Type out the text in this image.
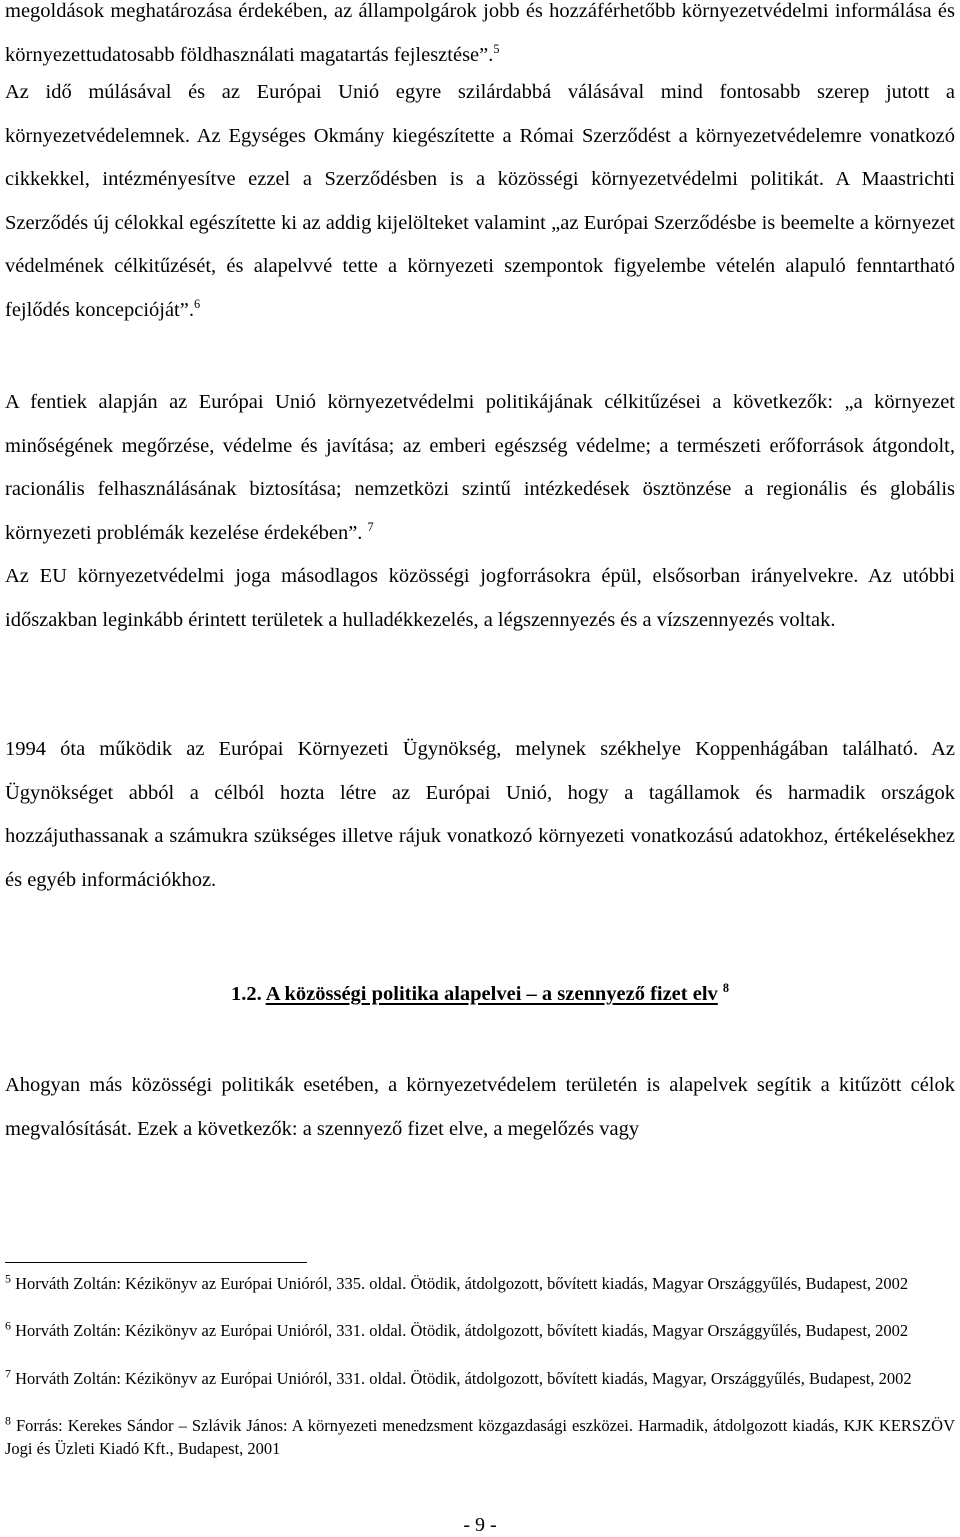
megoldások meghatározása érdekében, az állampolgárok jobb és hozzáférhetőbb környezetvédelmi informálása és környezettudatosabb földhasználati magatartás fejlesztése”.$^5$

Az idő múlásával és az Európai Unió egyre szilárdabbá válásával mind fontosabb szerep jutott a környezetvédelemnek. Az Egységes Okmány kiegészítette a Római Szerződést a környezetvédelemre vonatkozó cikkekkel, intézményesítve ezzel a Szerződésben is a közösségi környezetvédelmi politikát. A Maastrichti Szerződés új célokkal egészítette ki az addig kijelölteket valamint „az Európai Szerződésbe is beemelte a környezet védelmének célkitűzését, és alapelvvé tette a környezeti szempontok figyelembe vételén alapuló fenntartható fejlődés koncepcióját”.$^6$

A fentiek alapján az Európai Unió környezetvédelmi politikájának célkitűzései a következők: „a környezet minőségének megőrzése, védelme és javítása; az emberi egészség védelme; a természeti erőforrások átgondolt, racionális felhasználásának biztosítása; nemzetközi szintű intézkedések ösztönzése a regionális és globális környezeti problémák kezelése érdekében”. $^7$

Az EU környezetvédelmi joga másodlagos közösségi jogforrásokra épül, elsősorban irányelvekre. Az utóbbi időszakban leginkább érintett területek a hulladékkezelés, a légszennyezés és a vízszennyezés voltak.

1994 óta működik az Európai Környezeti Ügynökség, melynek székhelye Koppenhágában található. Az Ügynökséget abból a célból hozta létre az Európai Unió, hogy a tagállamok és harmadik országok hozzájuthassanak a számukra szükséges illetve rájuk vonatkozó környezeti vonatkozású adatokhoz, értékelésekhez és egyéb információkhoz.

1.2. A közösségi politika alapelvei – a szennyező fizet elv $^8$

Ahogyan más közösségi politikák esetében, a környezetvédelem területén is alapelvek segítik a kitűzött célok megvalósítását. Ezek a következők: a szennyező fizet elve, a megelőzés vagy

$^5$ Horváth Zoltán: Kézikönyv az Európai Unióról, 335. oldal. Ötödik, átdolgozott, bővített kiadás, Magyar Országgyűlés, Budapest, 2002

$^6$ Horváth Zoltán: Kézikönyv az Európai Unióról, 331. oldal. Ötödik, átdolgozott, bővített kiadás, Magyar Országgyűlés, Budapest, 2002

$^7$ Horváth Zoltán: Kézikönyv az Európai Unióról, 331. oldal. Ötödik, átdolgozott, bővített kiadás, Magyar, Országgyűlés, Budapest, 2002

$^8$ Forrás: Kerekes Sándor – Szlávik János: A környezeti menedzsment közgazdasági eszközei. Harmadik, átdolgozott kiadás, KJK KERSZÖV Jogi és Üzleti Kiadó Kft., Budapest, 2001

- 9 -
